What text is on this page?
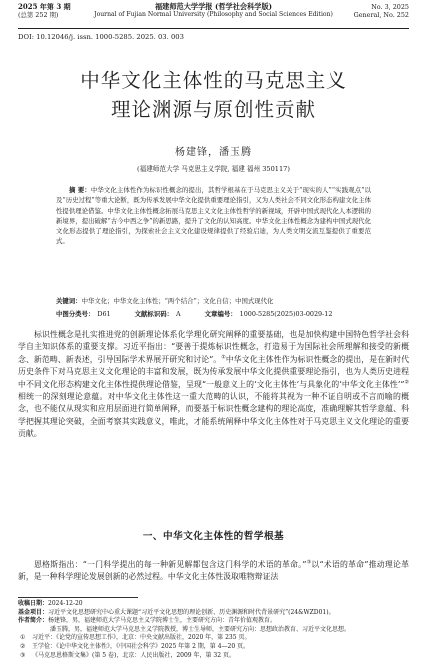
2025 年第 3 期
(总第 252 期)
福建师范大学学报 (哲学社会科学版)
Journal of Fujian Normal University (Philosophy and Social Sciences Edition)
No. 3, 2025
General, No. 252
DOI: 10.12046/j. issn. 1000-5285. 2025. 03. 003
中华文化主体性的马克思主义
理论渊源与原创性贡献
杨建锋，潘玉腾
(福建师范大学 马克思主义学院, 福建 福州 350117)
摘 要：中华文化主体性作为标识性概念的提出，其哲学根基在于马克思主义关于“现实的人”“实践观点”以及“历史过程”等重大论断，既为传承发展中华文化提供重要理论指引，又为人类社会不同文化形态构建文化主体性提供理论借鉴。中华文化主体性概念拓展马克思主义文化主体性哲学的新视域，开辟中国式现代化人本逻辑的新境界，提出破解“古今中西之争”的新思路，提升了文化的认知高度。中华文化主体性概念为建构中国式现代化文化形态提供了理论指引，为探索社会主义文化建设规律提供了经验启迪，为人类文明交流互鉴提供了重要范式。
关键词：中华文化；中华文化主体性；“两个结合”；文化自信；中国式现代化
中图分类号： D61	文献标识码： A	文章编号： 1000-5285(2025)03-0029-12

标识性概念是扎实推进党的创新理论体系化学理化研究阐释的重要基础，也是加快构建中国特色哲学社会科学自主知识体系的重要支撑。习近平指出：“要善于提炼标识性概念，打造易于为国际社会所理解和接受的新概念、新范畴、新表述，引导国际学术界展开研究和讨论”。①中华文化主体性作为标识性概念的提出，是在新时代历史条件下对马克思主义文化理论的丰富和发展，既为传承发展中华文化提供重要理论指引，也为人类历史进程中不同文化形态构建文化主体性提供理论借鉴，呈现“一般意义上的‘文化主体性’与具象化的‘中华文化主体性’”②相统一的深刻理论意蕴。对中华文化主体性这一重大范畴的认识，不能将其视为一种不证自明或不言而喻的概念，也不能仅从现实和应用层面进行简单阐释，而要基于标识性概念建构的理论高度，准确理解其哲学意蕴、科学把握其理论突破，全面考察其实践意义，唯此，才能系统阐释中华文化主体性对于马克思主义文化理论的重要贡献。

一、中华文化主体性的哲学根基

恩格斯指出：“一门科学提出的每一种新见解都包含这门科学的术语的革命。”③以“术语的革命”推动理论革新，是一种科学理论发展创新的必然过程。中华文化主体性汲取唯物辩证法

收稿日期：2024-12-20
基金项目：习近平文化思想研究中心重大课题“习近平文化思想的理论创新、历史渊源和时代背景研究”(24&WZD01)。
作者简介：杨建锋，男，福建师范大学马克思主义学院博士生，主要研究方向：青年价值观教育。
潘玉腾，男，福建师范大学马克思主义学院教授，博士生导师，主要研究方向：思想政治教育、习近平文化思想。
① 习近平：《论党的宣传思想工作》，北京：中央文献出版社，2020 年，第 235 页。
② 王学俭：《论中华文化主体性》，《中国社会科学》2025 年第 2 期，第 4—20 页。
③ 《马克思恩格斯文集》(第 5 卷)，北京：人民出版社，2009 年，第 32 页。
